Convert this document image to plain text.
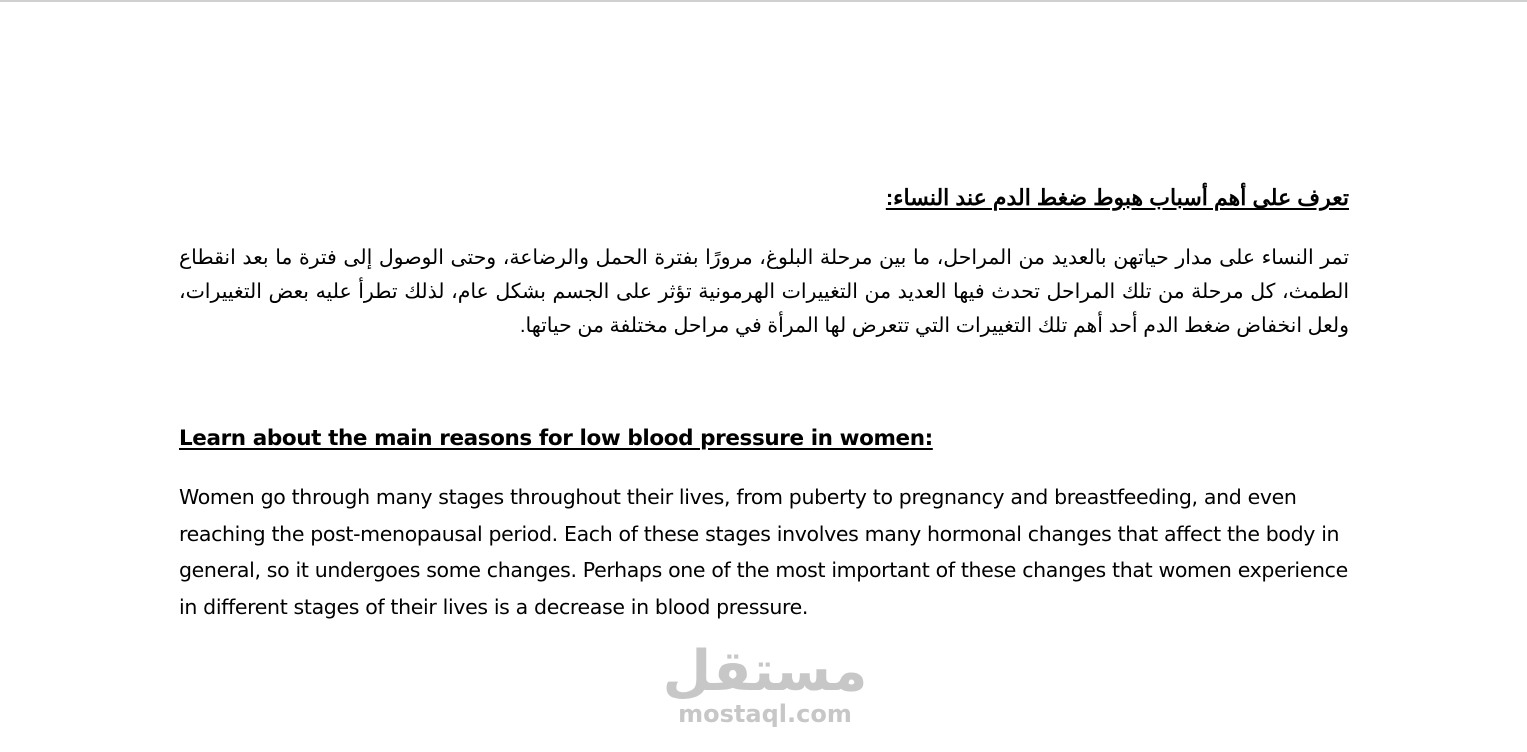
تعرف على أهم أسباب هبوط ضغط الدم عند النساء:

تمر النساء على مدار حياتهن بالعديد من المراحل، ما بين مرحلة البلوغ، مرورًا بفترة الحمل والرضاعة، وحتى الوصول إلى فترة ما بعد انقطاع الطمث، كل مرحلة من تلك المراحل تحدث فيها العديد من التغييرات الهرمونية تؤثر على الجسم بشكل عام، لذلك تطرأ عليه بعض التغييرات، ولعل انخفاض ضغط الدم أحد أهم تلك التغييرات التي تتعرض لها المرأة في مراحل مختلفة من حياتها.

Learn about the main reasons for low blood pressure in women:

Women go through many stages throughout their lives, from puberty to pregnancy and breastfeeding, and even reaching the post-menopausal period. Each of these stages involves many hormonal changes that affect the body in general, so it undergoes some changes. Perhaps one of the most important of these changes that women experience in different stages of their lives is a decrease in blood pressure.

مستقل
mostaql.com
